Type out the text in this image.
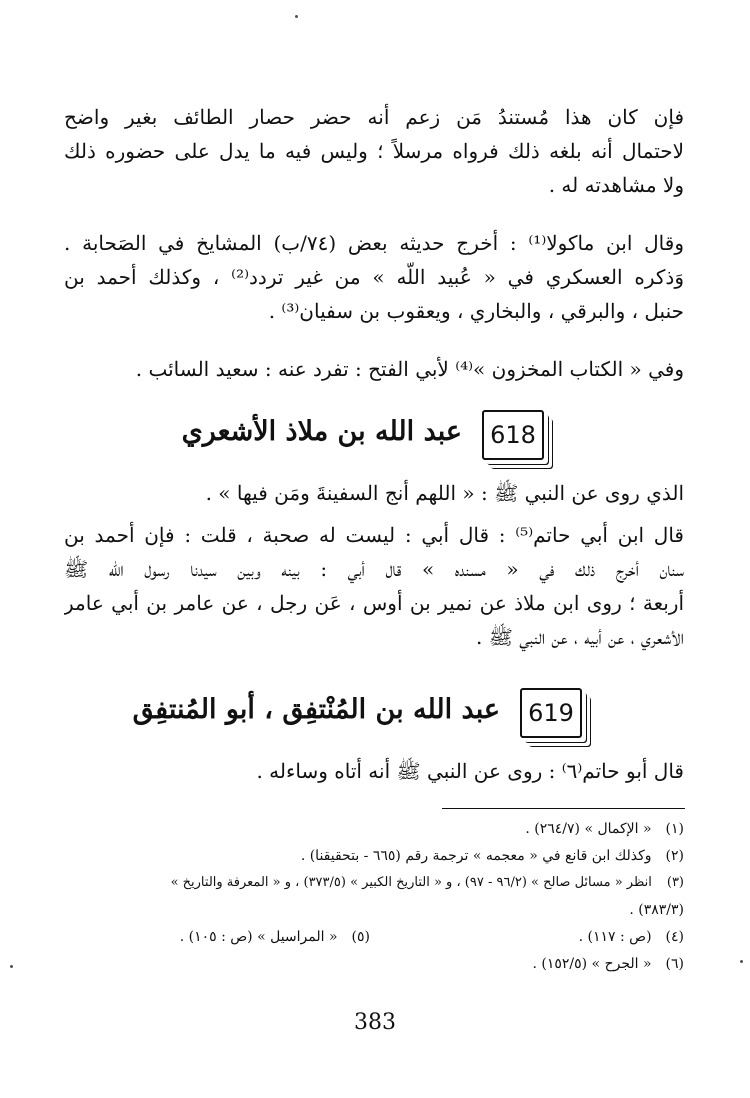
فإن كان هذا مُستندُ مَن زعم أنه حضر حصار الطائف بغير واضح
لاحتمال أنه بلغه ذلك فرواه مرسلاً ؛ وليس فيه ما يدل على حضوره ذلك
ولا مشاهدته له .
وقال ابن ماكولا⁽¹⁾ : أخرج حديثه بعض (٧٤/ب) المشايخ في الصَحابة .
وَذكره العسكري في « عُبيد اللّه » من غير تردد⁽²⁾ ، وكذلك أحمد بن
حنبل ، والبرقي ، والبخاري ، ويعقوب بن سفيان⁽³⁾ .
وفي « الكتاب المخزون »⁽⁴⁾ لأبي الفتح : تفرد عنه : سعيد السائب .
618
عبد الله بن ملاذ الأشعري
الذي روى عن النبي ﷺ : « اللهم أنج السفينةَ ومَن فيها » .
قال ابن أبي حاتم⁽⁵⁾ : قال أبي : ليست له صحبة ، قلت : فإن أحمد بن
سنان أخرج ذلك في « مسنده » قال أبي : بينه وبين سيدنا رسول اللّه ﷺ
أربعة ؛ روى ابن ملاذ عن نمير بن أوس ، عَن رجل ، عن عامر بن أبي عامر
الأشعري ، عن أبيه ، عن النبي ﷺ .
619
عبد الله بن المُنْتفِق ، أبو المُنتفِق
قال أبو حاتم⁽٦⁾ : روى عن النبي ﷺ أنه أتاه وساءله .
(١) « الإكمال » (٢٦٤/٧) .
(٢) وكذلك ابن قانع في « معجمه » ترجمة رقم (٦٦٥ - بتحقيقنا) .
(٣) انظر « مسائل صالح » (٩٦/٢ - ٩٧) ، و « التاريخ الكبير » (٣٧٣/٥) ، و « المعرفة والتاريخ »
(٣٨٣/٣) .
(٤) (ص : ١١٧) .
(٥) « المراسيل » (ص : ١٠٥) .
(٦) « الجرح » (١٥٢/٥) .
383
